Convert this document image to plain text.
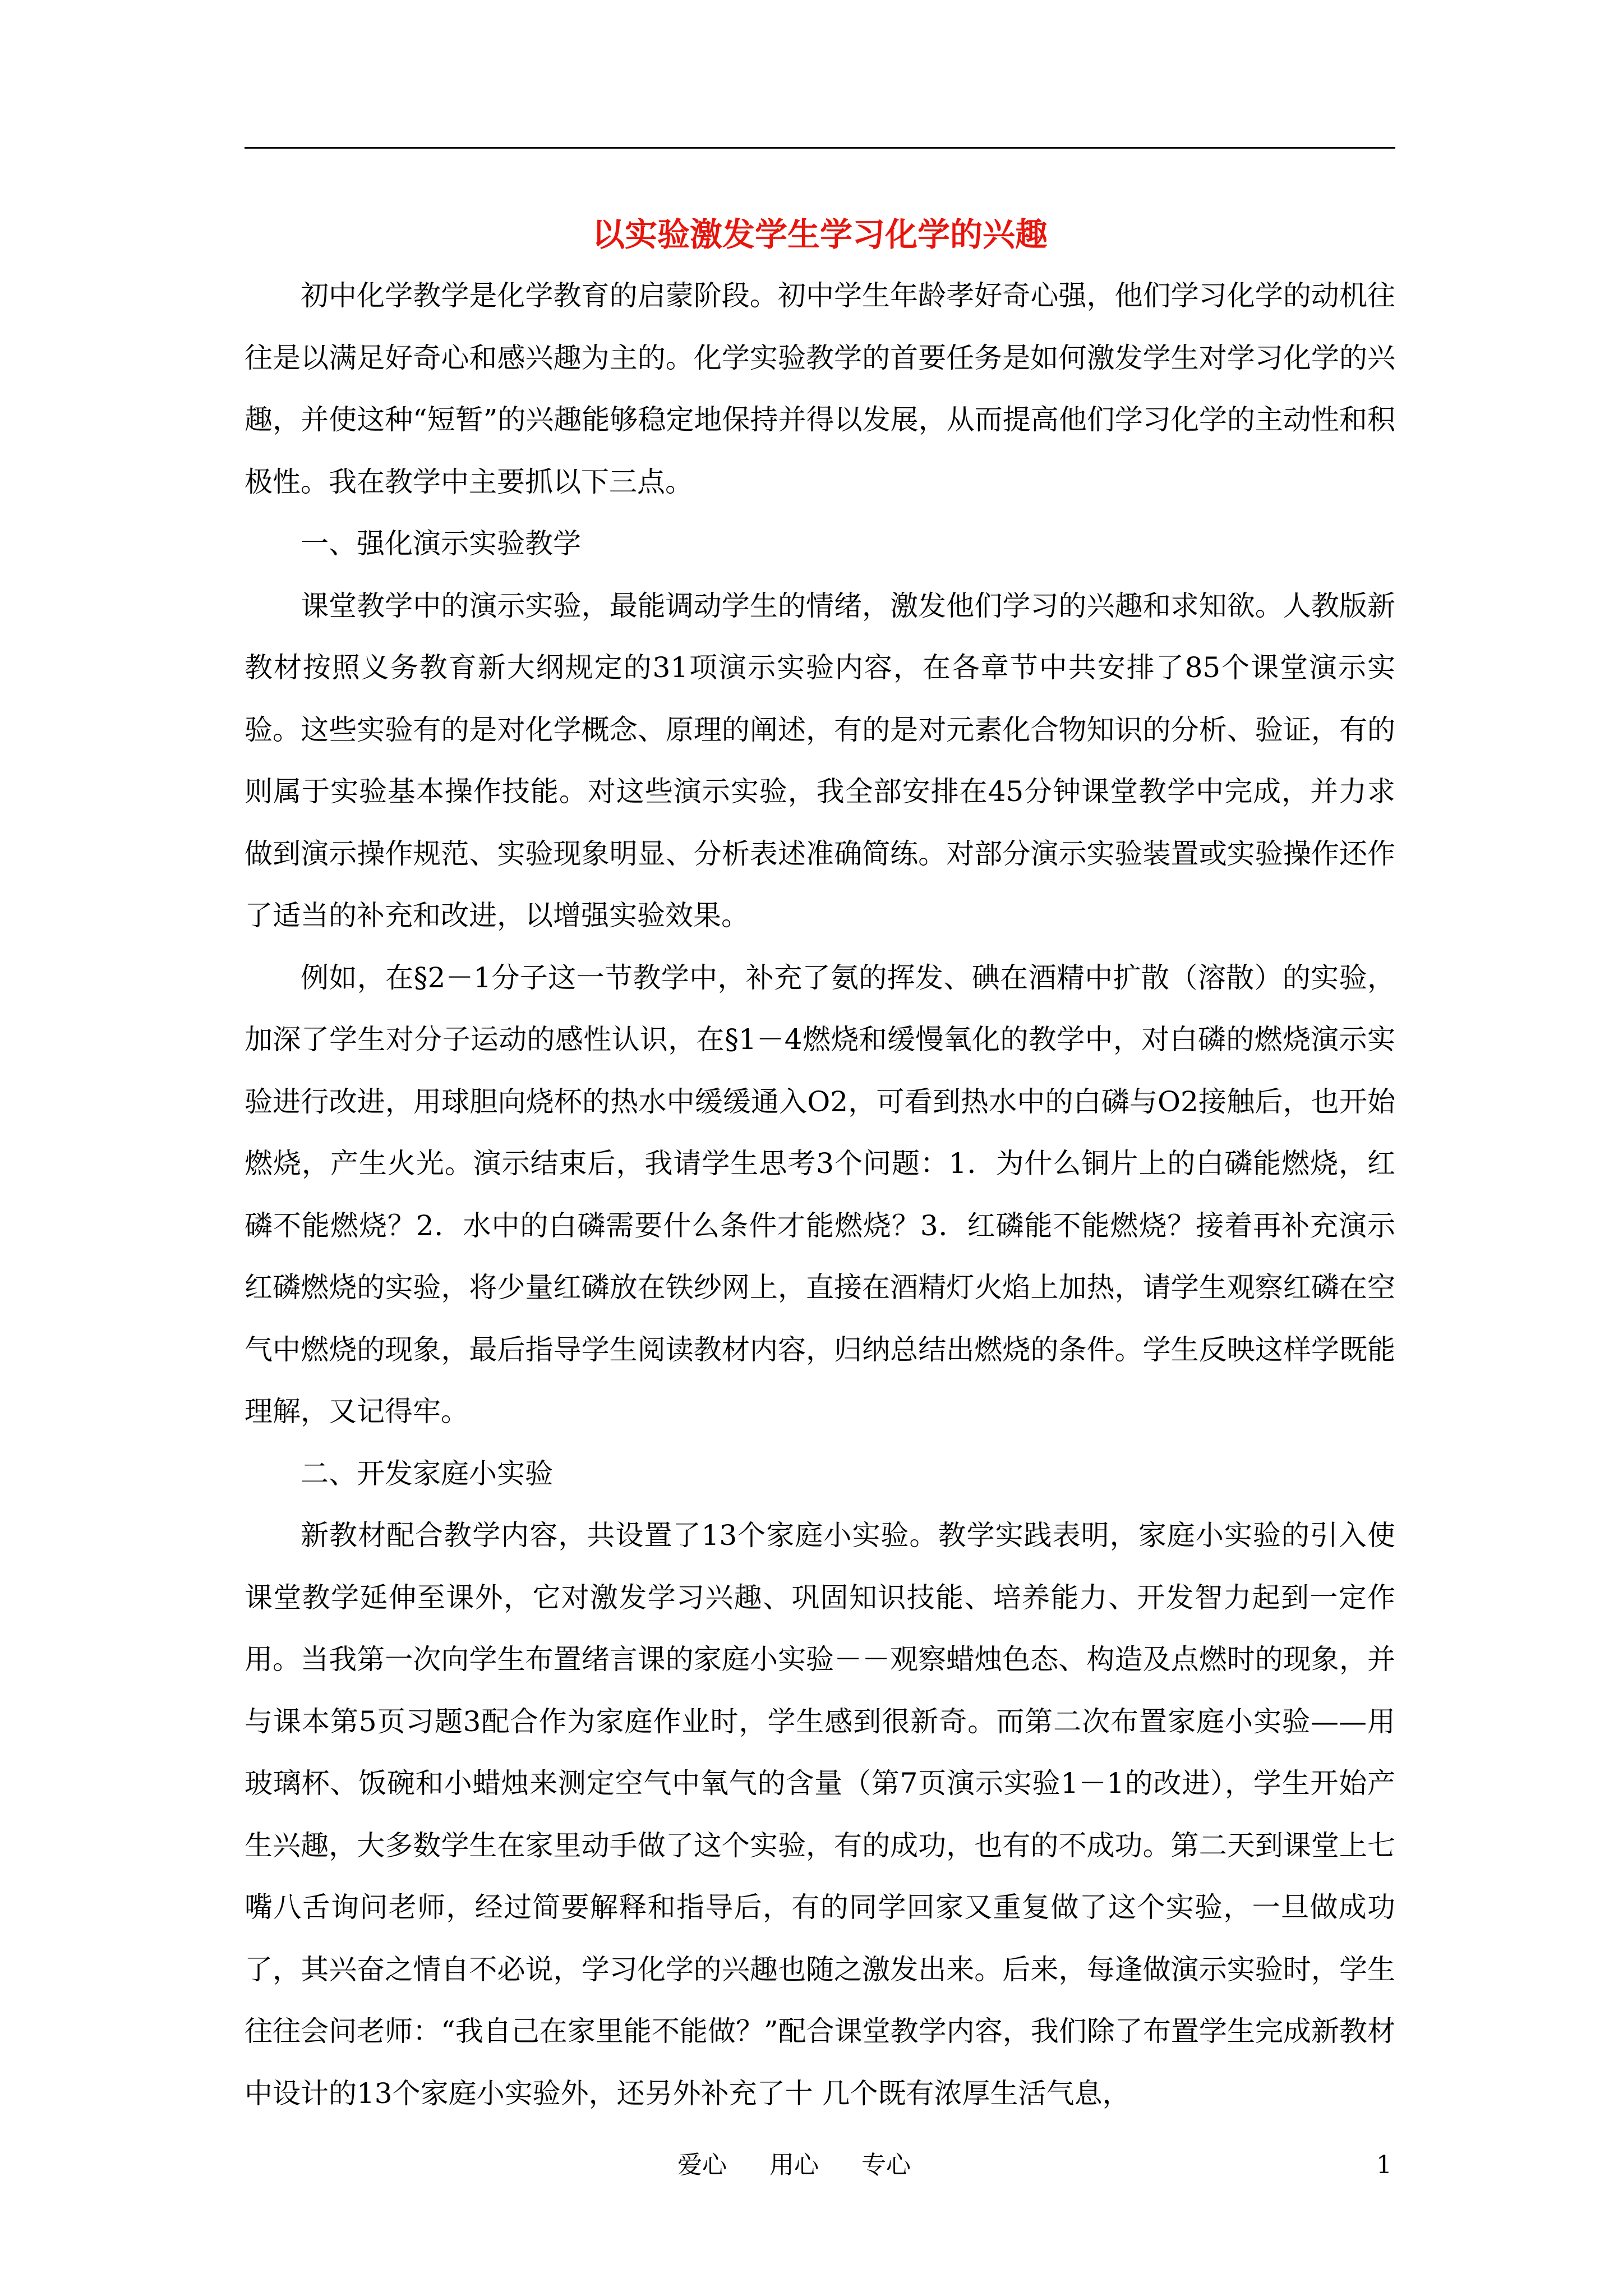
以实验激发学生学习化学的兴趣

初中化学教学是化学教育的启蒙阶段。初中学生年龄孝好奇心强，他们学习化学的动机往往是以满足好奇心和感兴趣为主的。化学实验教学的首要任务是如何激发学生对学习化学的兴趣，并使这种“短暂”的兴趣能够稳定地保持并得以发展，从而提高他们学习化学的主动性和积极性。我在教学中主要抓以下三点。

一、强化演示实验教学

课堂教学中的演示实验，最能调动学生的情绪，激发他们学习的兴趣和求知欲。人教版新教材按照义务教育新大纲规定的31项演示实验内容，在各章节中共安排了85个课堂演示实验。这些实验有的是对化学概念、原理的阐述，有的是对元素化合物知识的分析、验证，有的则属于实验基本操作技能。对这些演示实验，我全部安排在45分钟课堂教学中完成，并力求做到演示操作规范、实验现象明显、分析表述准确简练。对部分演示实验装置或实验操作还作了适当的补充和改进，以增强实验效果。

例如，在§2－1分子这一节教学中，补充了氨的挥发、碘在酒精中扩散（溶散）的实验，加深了学生对分子运动的感性认识，在§1－4燃烧和缓慢氧化的教学中，对白磷的燃烧演示实验进行改进，用球胆向烧杯的热水中缓缓通入O2，可看到热水中的白磷与O2接触后，也开始燃烧，产生火光。演示结束后，我请学生思考3个问题：1．为什么铜片上的白磷能燃烧，红磷不能燃烧？2．水中的白磷需要什么条件才能燃烧？3．红磷能不能燃烧？接着再补充演示红磷燃烧的实验，将少量红磷放在铁纱网上，直接在酒精灯火焰上加热，请学生观察红磷在空气中燃烧的现象，最后指导学生阅读教材内容，归纳总结出燃烧的条件。学生反映这样学既能理解，又记得牢。

二、开发家庭小实验

新教材配合教学内容，共设置了13个家庭小实验。教学实践表明，家庭小实验的引入使课堂教学延伸至课外，它对激发学习兴趣、巩固知识技能、培养能力、开发智力起到一定作用。当我第一次向学生布置绪言课的家庭小实验－－观察蜡烛色态、构造及点燃时的现象，并与课本第5页习题3配合作为家庭作业时，学生感到很新奇。而第二次布置家庭小实验——用玻璃杯、饭碗和小蜡烛来测定空气中氧气的含量（第7页演示实验1－1的改进），学生开始产生兴趣，大多数学生在家里动手做了这个实验，有的成功，也有的不成功。第二天到课堂上七嘴八舌询问老师，经过简要解释和指导后，有的同学回家又重复做了这个实验，一旦做成功了，其兴奋之情自不必说，学习化学的兴趣也随之激发出来。后来，每逢做演示实验时，学生往往会问老师：“我自己在家里能不能做？”配合课堂教学内容，我们除了布置学生完成新教材中设计的13个家庭小实验外，还另外补充了十 几个既有浓厚生活气息，

爱心 用心 专心	1
